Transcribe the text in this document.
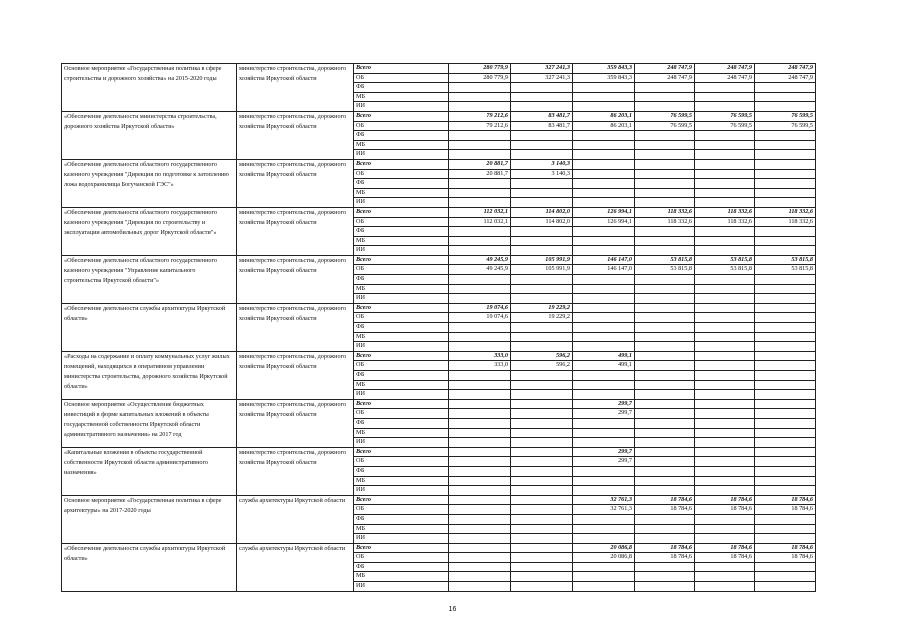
Основное мероприятие «Государственная политика в сфере строительства и дорожного хозяйства» на 2015-2020 годы	министерство строительства, дорожного хозяйства Иркутской области	Всего	280 779,9	327 241,3	359 843,3	248 747,9	248 747,9	248 747,9
		ОБ	280 779,9	327 241,3	359 843,3	248 747,9	248 747,9	248 747,9
		ФБ						
		МБ						
		ИИ						
«Обеспечение деятельности министерства строительства, дорожного хозяйства Иркутской области»	министерство строительства, дорожного хозяйства Иркутской области	Всего	79 212,6	83 481,7	86 203,1	76 599,5	76 599,5	76 599,5
		ОБ	79 212,6	83 481,7	86 203,1	76 599,5	76 599,5	76 599,5
		ФБ						
		МБ						
		ИИ						
«Обеспечение деятельности областного государственного казенного учреждения "Дирекция по подготовке к затоплению ложа водохранилища Богучанской ГЭС"»	министерство строительства, дорожного хозяйства Иркутской области	Всего	20 881,7	3 140,3				
		ОБ	20 881,7	3 140,3				
		ФБ						
		МБ						
		ИИ						
«Обеспечение деятельности областного государственного казенного учреждения "Дирекция по строительству и эксплуатации автомобильных дорог Иркутской области"»	министерство строительства, дорожного хозяйства Иркутской области	Всего	112 032,1	114 802,0	126 994,1	118 332,6	118 332,6	118 332,6
		ОБ	112 032,1	114 802,0	126 994,1	118 332,6	118 332,6	118 332,6
		ФБ						
		МБ						
		ИИ						
«Обеспечение деятельности областного государственного казенного учреждения "Управление капитального строительства Иркутской области"»	министерство строительства, дорожного хозяйства Иркутской области	Всего	49 245,9	105 991,9	146 147,0	53 815,8	53 815,8	53 815,8
		ОБ	49 245,9	105 991,9	146 147,0	53 815,8	53 815,8	53 815,8
		ФБ						
		МБ						
		ИИ						
«Обеспечение деятельности службы архитектуры Иркутской области»	министерство строительства, дорожного хозяйства Иркутской области	Всего	19 074,6	19 229,2				
		ОБ	19 074,6	19 229,2				
		ФБ						
		МБ						
		ИИ						
«Расходы на содержание и оплату коммунальных услуг жилых помещений, находящихся в оперативном управлении министерства строительства, дорожного хозяйства Иркутской области»	министерство строительства, дорожного хозяйства Иркутской области	Всего	333,0	596,2	499,1			
		ОБ	333,0	596,2	499,1			
		ФБ						
		МБ						
		ИИ						
Основное мероприятие «Осуществление бюджетных инвестиций в форме капитальных вложений в объекты государственной собственности Иркутской области административного назначения» на 2017 год	министерство строительства, дорожного хозяйства Иркутской области	Всего			299,7			
		ОБ			299,7			
		ФБ						
		МБ						
		ИИ						
«Капитальные вложения в объекты государственной собственности Иркутской области административного назначения»	министерство строительства, дорожного хозяйства Иркутской области	Всего			299,7			
		ОБ			299,7			
		ФБ						
		МБ						
		ИИ						
Основное мероприятие «Государственная политика в сфере архитектуры» на 2017-2020 годы	служба архитектуры Иркутской области	Всего			32 761,3	18 784,6	18 784,6	18 784,6
		ОБ			32 761,3	18 784,6	18 784,6	18 784,6
		ФБ						
		МБ						
		ИИ						
«Обеспечение деятельности службы архитектуры Иркутской области»	служба архитектуры Иркутской области	Всего			20 086,8	18 784,6	18 784,6	18 784,6
		ОБ			20 086,8	18 784,6	18 784,6	18 784,6
		ФБ						
		МБ						
		ИИ						
16
